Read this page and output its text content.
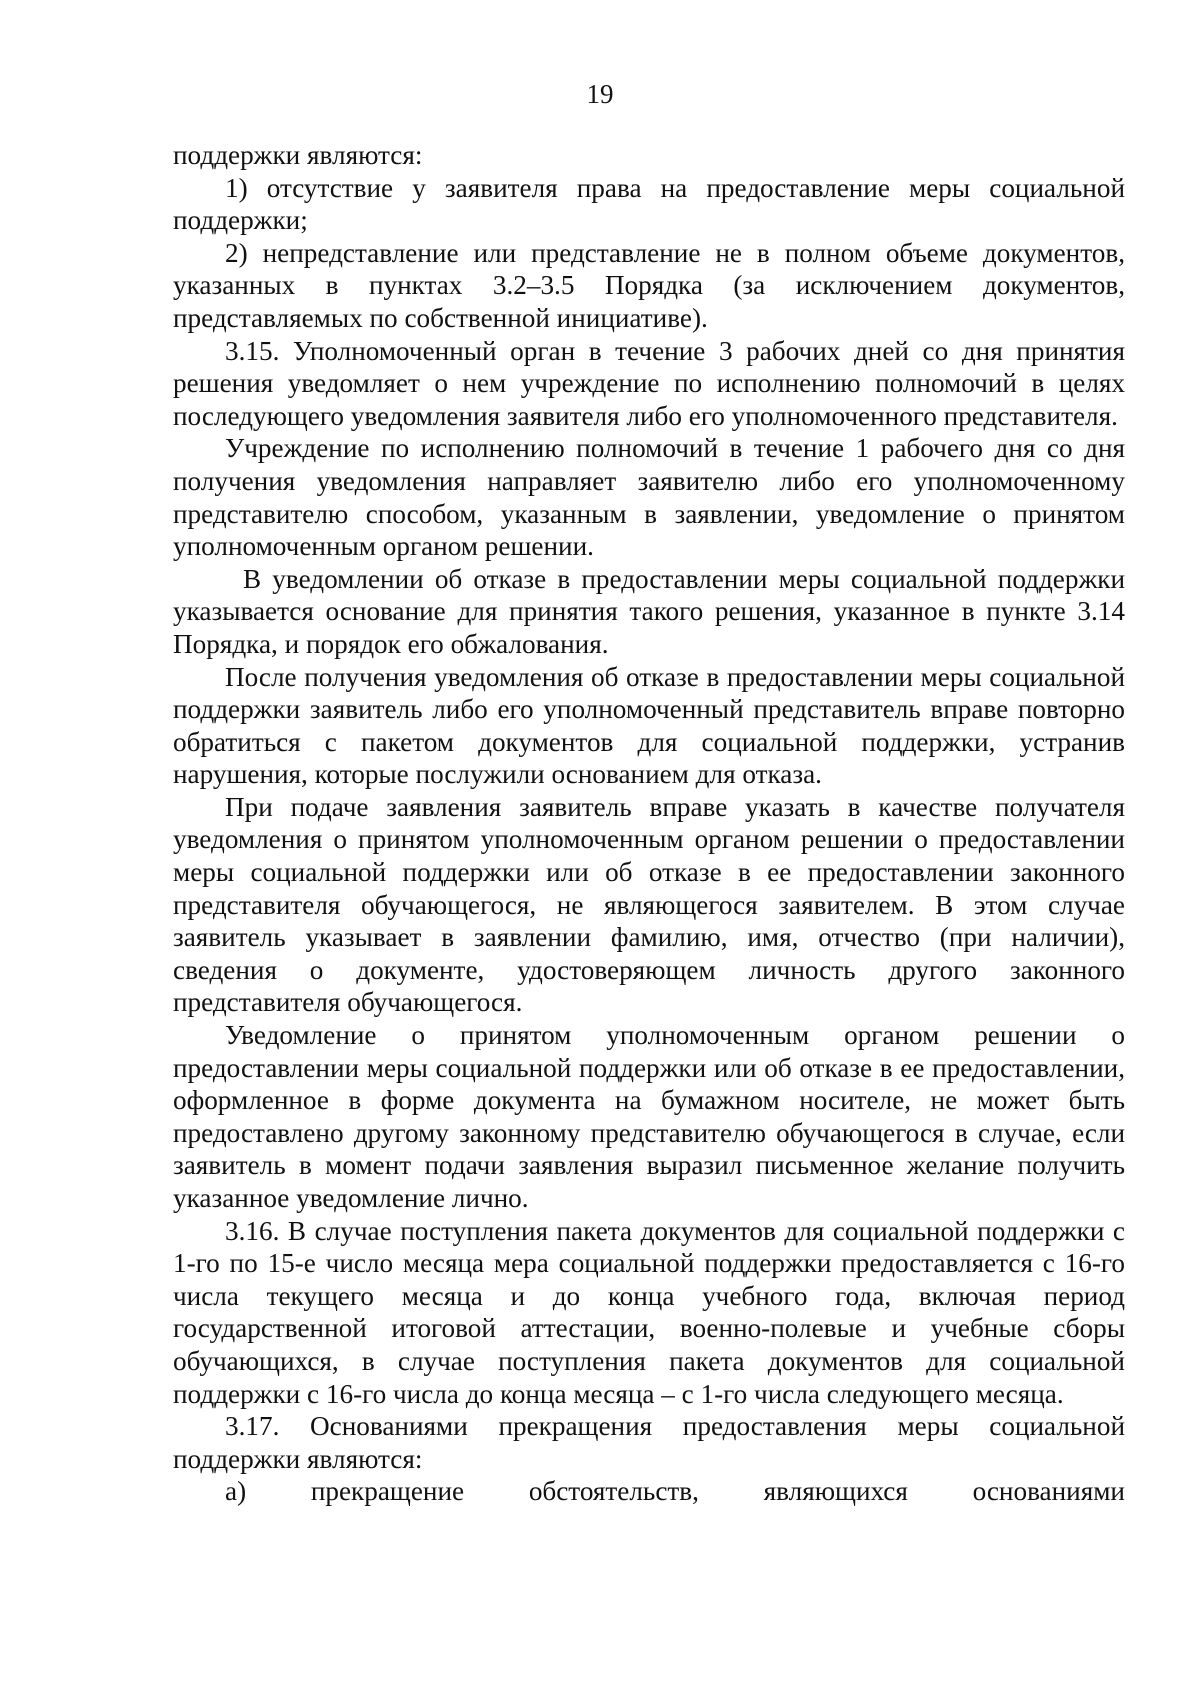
19

поддержки являются:

1) отсутствие у заявителя права на предоставление меры социальной поддержки;

2) непредставление или представление не в полном объеме документов, указанных в пунктах 3.2–3.5 Порядка (за исключением документов, представляемых по собственной инициативе).

3.15. Уполномоченный орган в течение 3 рабочих дней со дня принятия решения уведомляет о нем учреждение по исполнению полномочий в целях последующего уведомления заявителя либо его уполномоченного представителя.

Учреждение по исполнению полномочий в течение 1 рабочего дня со дня получения уведомления направляет заявителю либо его уполномоченному представителю способом, указанным в заявлении, уведомление о принятом уполномоченным органом решении.

В уведомлении об отказе в предоставлении меры социальной поддержки указывается основание для принятия такого решения, указанное в пункте 3.14 Порядка, и порядок его обжалования.

После получения уведомления об отказе в предоставлении меры социальной поддержки заявитель либо его уполномоченный представитель вправе повторно обратиться с пакетом документов для социальной поддержки, устранив нарушения, которые послужили основанием для отказа.

При подаче заявления заявитель вправе указать в качестве получателя уведомления о принятом уполномоченным органом решении о предоставлении меры социальной поддержки или об отказе в ее предоставлении законного представителя обучающегося, не являющегося заявителем. В этом случае заявитель указывает в заявлении фамилию, имя, отчество (при наличии), сведения о документе, удостоверяющем личность другого законного представителя обучающегося.

Уведомление о принятом уполномоченным органом решении о предоставлении меры социальной поддержки или об отказе в ее предоставлении, оформленное в форме документа на бумажном носителе, не может быть предоставлено другому законному представителю обучающегося в случае, если заявитель в момент подачи заявления выразил письменное желание получить указанное уведомление лично.

3.16. В случае поступления пакета документов для социальной поддержки с 1-го по 15-е число месяца мера социальной поддержки предоставляется с 16-го числа текущего месяца и до конца учебного года, включая период государственной итоговой аттестации, военно-полевые и учебные сборы обучающихся, в случае поступления пакета документов для социальной поддержки с 16-го числа до конца месяца – с 1-го числа следующего месяца.

3.17. Основаниями прекращения предоставления меры социальной поддержки являются:

а) прекращение обстоятельств, являющихся основаниями
